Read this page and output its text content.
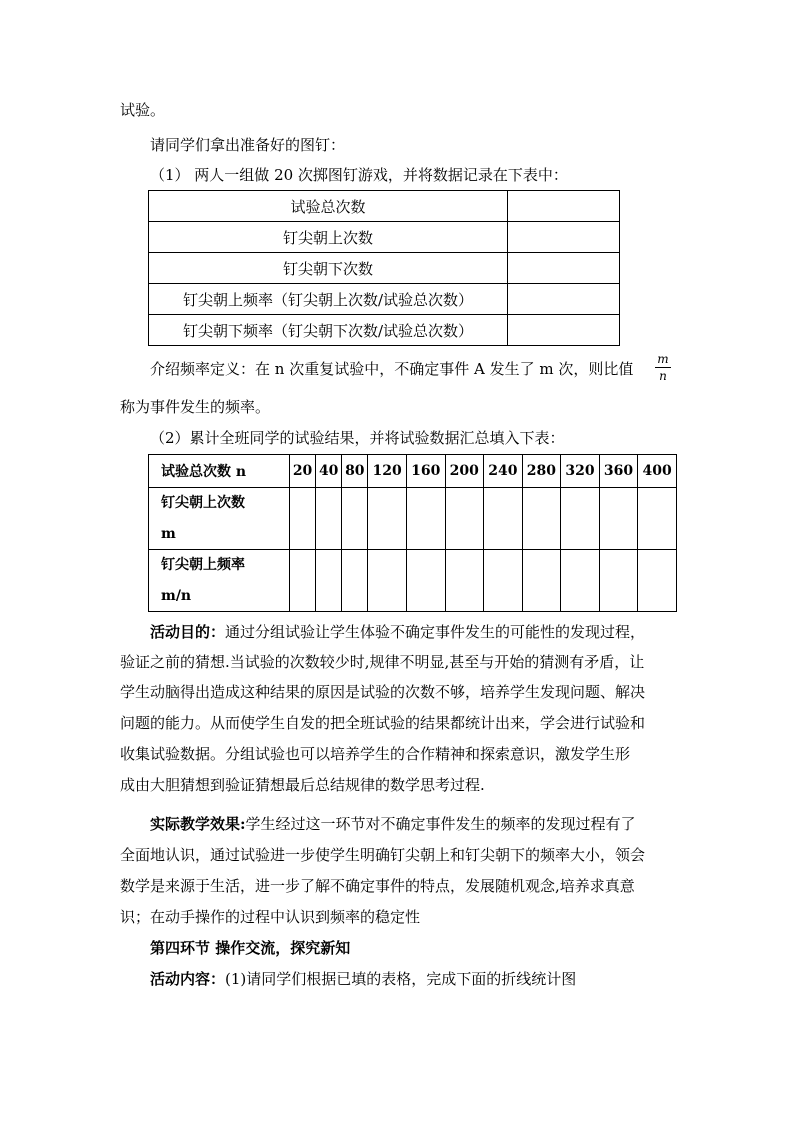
试验。
请同学们拿出准备好的图钉：
（1） 两人一组做 20 次掷图钉游戏，并将数据记录在下表中：
试验总次数	
钉尖朝上次数	
钉尖朝下次数	
钉尖朝上频率（钉尖朝上次数/试验总次数）	
钉尖朝下频率（钉尖朝下次数/试验总次数）	
介绍频率定义：在 n 次重复试验中，不确定事件 A 发生了 m 次，则比值
m
n
称为事件发生的频率。
（2）累计全班同学的试验结果，并将试验数据汇总填入下表：
试验总次数 n	20	40	80	120	160	200	240	280	320	360	400

钉尖朝上次数
m											

钉尖朝上频率
m/n											

活动目的：通过分组试验让学生体验不确定事件发生的可能性的发现过程，
验证之前的猜想.当试验的次数较少时,规律不明显,甚至与开始的猜测有矛盾，让
学生动脑得出造成这种结果的原因是试验的次数不够，培养学生发现问题、解决
问题的能力。从而使学生自发的把全班试验的结果都统计出来，学会进行试验和
收集试验数据。分组试验也可以培养学生的合作精神和探索意识，激发学生形
成由大胆猜想到验证猜想最后总结规律的数学思考过程.
实际教学效果:学生经过这一环节对不确定事件发生的频率的发现过程有了
全面地认识，通过试验进一步使学生明确钉尖朝上和钉尖朝下的频率大小，领会
数学是来源于生活，进一步了解不确定事件的特点，发展随机观念,培养求真意
识；在动手操作的过程中认识到频率的稳定性
第四环节 操作交流，探究新知
活动内容：(1)请同学们根据已填的表格，完成下面的折线统计图
